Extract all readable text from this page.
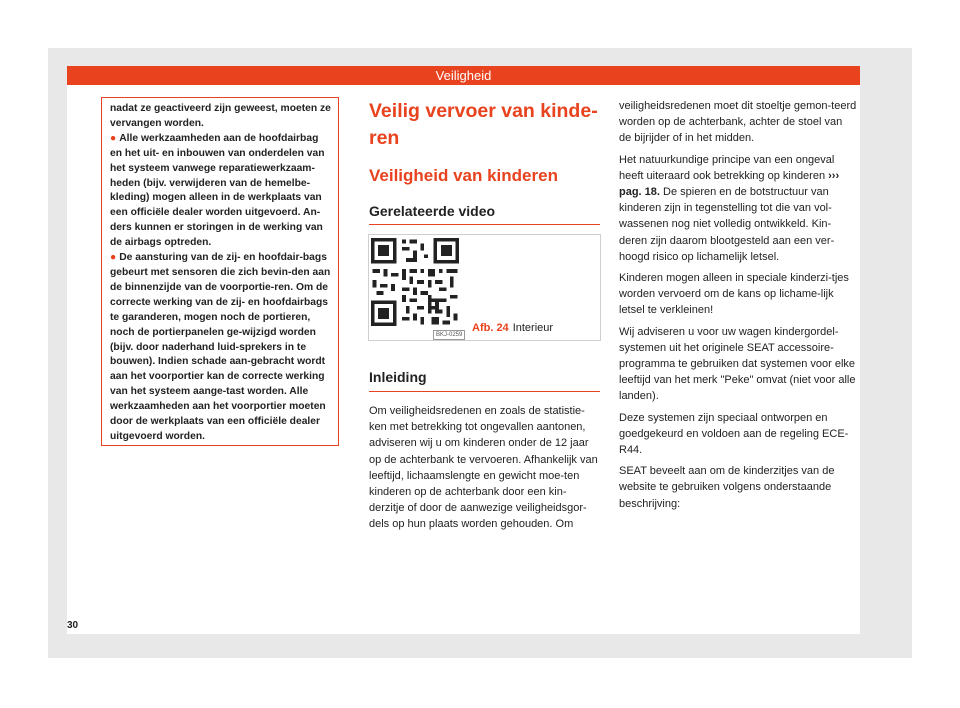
Veiligheid

nadat ze geactiveerd zijn geweest, moeten ze vervangen worden.

● Alle werkzaamheden aan de hoofdairbag en het uit- en inbouwen van onderdelen van het systeem vanwege reparatiewerkzaam-heden (bijv. verwijderen van de hemelbe-kleding) mogen alleen in de werkplaats van een officiële dealer worden uitgevoerd. An-ders kunnen er storingen in de werking van de airbags optreden.

● De aansturing van de zij- en hoofdair-bags gebeurt met sensoren die zich bevin-den aan de binnenzijde van de voorportie-ren. Om de correcte werking van de zij- en hoofdairbags te garanderen, mogen noch de portieren, noch de portierpanelen ge-wijzigd worden (bijv. door naderhand luid-sprekers in te bouwen). Indien schade aan-gebracht wordt aan het voorportier kan de correcte werking van het systeem aange-tast worden. Alle werkzaamheden aan het voorportier moeten door de werkplaats van een officiële dealer uitgevoerd worden.

Veilig vervoer van kinde-ren
Veiligheid van kinderen
Gerelateerde video
BKJ-0259
Afb. 24 Interieur
Inleiding

Om veiligheidsredenen en zoals de statistie-ken met betrekking tot ongevallen aantonen, adviseren wij u om kinderen onder de 12 jaar op de achterbank te vervoeren. Afhankelijk van leeftijd, lichaamslengte en gewicht moe-ten kinderen op de achterbank door een kin-derzitje of door de aanwezige veiligheidsgor-dels op hun plaats worden gehouden. Om

veiligheidsredenen moet dit stoeltje gemon-teerd worden op de achterbank, achter de stoel van de bijrijder of in het midden.

Het natuurkundige principe van een ongeval heeft uiteraard ook betrekking op kinderen ››› pag. 18. De spieren en de botstructuur van kinderen zijn in tegenstelling tot die van vol-wassenen nog niet volledig ontwikkeld. Kin-deren zijn daarom blootgesteld aan een ver-hoogd risico op lichamelijk letsel.

Kinderen mogen alleen in speciale kinderzi-tjes worden vervoerd om de kans op lichame-lijk letsel te verkleinen!

Wij adviseren u voor uw wagen kindergordel-systemen uit het originele SEAT accessoire-programma te gebruiken dat systemen voor elke leeftijd van het merk "Peke" omvat (niet voor alle landen).

Deze systemen zijn speciaal ontworpen en goedgekeurd en voldoen aan de regeling ECE-R44.

SEAT beveelt aan om de kinderzitjes van de website te gebruiken volgens onderstaande beschrijving:

30
